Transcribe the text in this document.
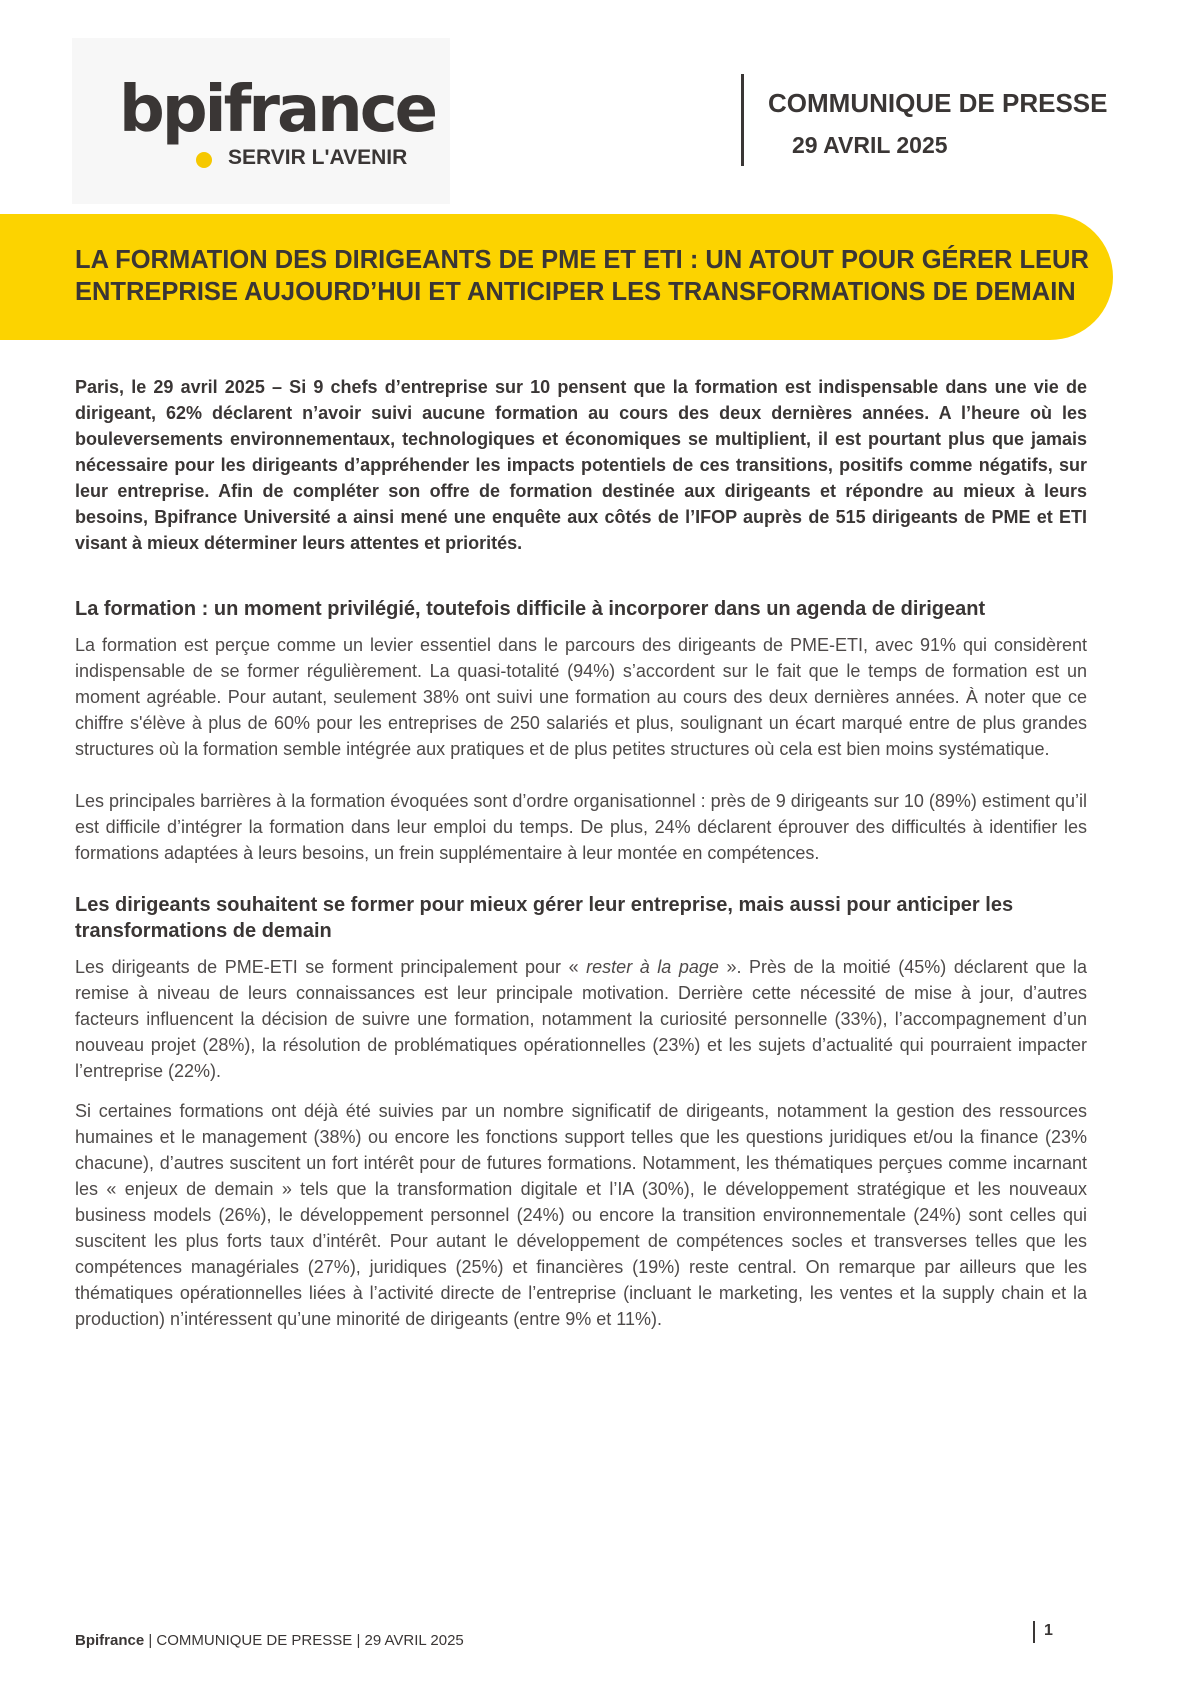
bpifrance
SERVIR L'AVENIR
COMMUNIQUE DE PRESSE
29 AVRIL 2025
LA FORMATION DES DIRIGEANTS DE PME ET ETI : UN ATOUT POUR GÉRER LEUR ENTREPRISE AUJOURD’HUI ET ANTICIPER LES TRANSFORMATIONS DE DEMAIN

Paris, le 29 avril 2025 – Si 9 chefs d’entreprise sur 10 pensent que la formation est indispensable dans une vie de dirigeant, 62% déclarent n’avoir suivi aucune formation au cours des deux dernières années. A l’heure où les bouleversements environnementaux, technologiques et économiques se multiplient, il est pourtant plus que jamais nécessaire pour les dirigeants d’appréhender les impacts potentiels de ces transitions, positifs comme négatifs, sur leur entreprise. Afin de compléter son offre de formation destinée aux dirigeants et répondre au mieux à leurs besoins, Bpifrance Université a ainsi mené une enquête aux côtés de l’IFOP auprès de 515 dirigeants de PME et ETI visant à mieux déterminer leurs attentes et priorités.

La formation : un moment privilégié, toutefois difficile à incorporer dans un agenda de dirigeant

La formation est perçue comme un levier essentiel dans le parcours des dirigeants de PME-ETI, avec 91% qui considèrent indispensable de se former régulièrement. La quasi-totalité (94%) s’accordent sur le fait que le temps de formation est un moment agréable. Pour autant, seulement 38% ont suivi une formation au cours des deux dernières années. À noter que ce chiffre s'élève à plus de 60% pour les entreprises de 250 salariés et plus, soulignant un écart marqué entre de plus grandes structures où la formation semble intégrée aux pratiques et de plus petites structures où cela est bien moins systématique.

Les principales barrières à la formation évoquées sont d’ordre organisationnel : près de 9 dirigeants sur 10 (89%) estiment qu’il est difficile d’intégrer la formation dans leur emploi du temps. De plus, 24% déclarent éprouver des difficultés à identifier les formations adaptées à leurs besoins, un frein supplémentaire à leur montée en compétences.

Les dirigeants souhaitent se former pour mieux gérer leur entreprise, mais aussi pour anticiper les transformations de demain

Les dirigeants de PME-ETI se forment principalement pour « rester à la page ». Près de la moitié (45%) déclarent que la remise à niveau de leurs connaissances est leur principale motivation. Derrière cette nécessité de mise à jour, d’autres facteurs influencent la décision de suivre une formation, notamment la curiosité personnelle (33%), l’accompagnement d’un nouveau projet (28%), la résolution de problématiques opérationnelles (23%) et les sujets d’actualité qui pourraient impacter l’entreprise (22%).

Si certaines formations ont déjà été suivies par un nombre significatif de dirigeants, notamment la gestion des ressources humaines et le management (38%) ou encore les fonctions support telles que les questions juridiques et/ou la finance (23% chacune), d’autres suscitent un fort intérêt pour de futures formations. Notamment, les thématiques perçues comme incarnant les « enjeux de demain » tels que la transformation digitale et l’IA (30%), le développement stratégique et les nouveaux business models (26%), le développement personnel (24%) ou encore la transition environnementale (24%) sont celles qui suscitent les plus forts taux d’intérêt. Pour autant le développement de compétences socles et transverses telles que les compétences managériales (27%), juridiques (25%) et financières (19%) reste central. On remarque par ailleurs que les thématiques opérationnelles liées à l’activité directe de l’entreprise (incluant le marketing, les ventes et la supply chain et la production) n’intéressent qu’une minorité de dirigeants (entre 9% et 11%).

Bpifrance | COMMUNIQUE DE PRESSE | 29 AVRIL 2025
1
